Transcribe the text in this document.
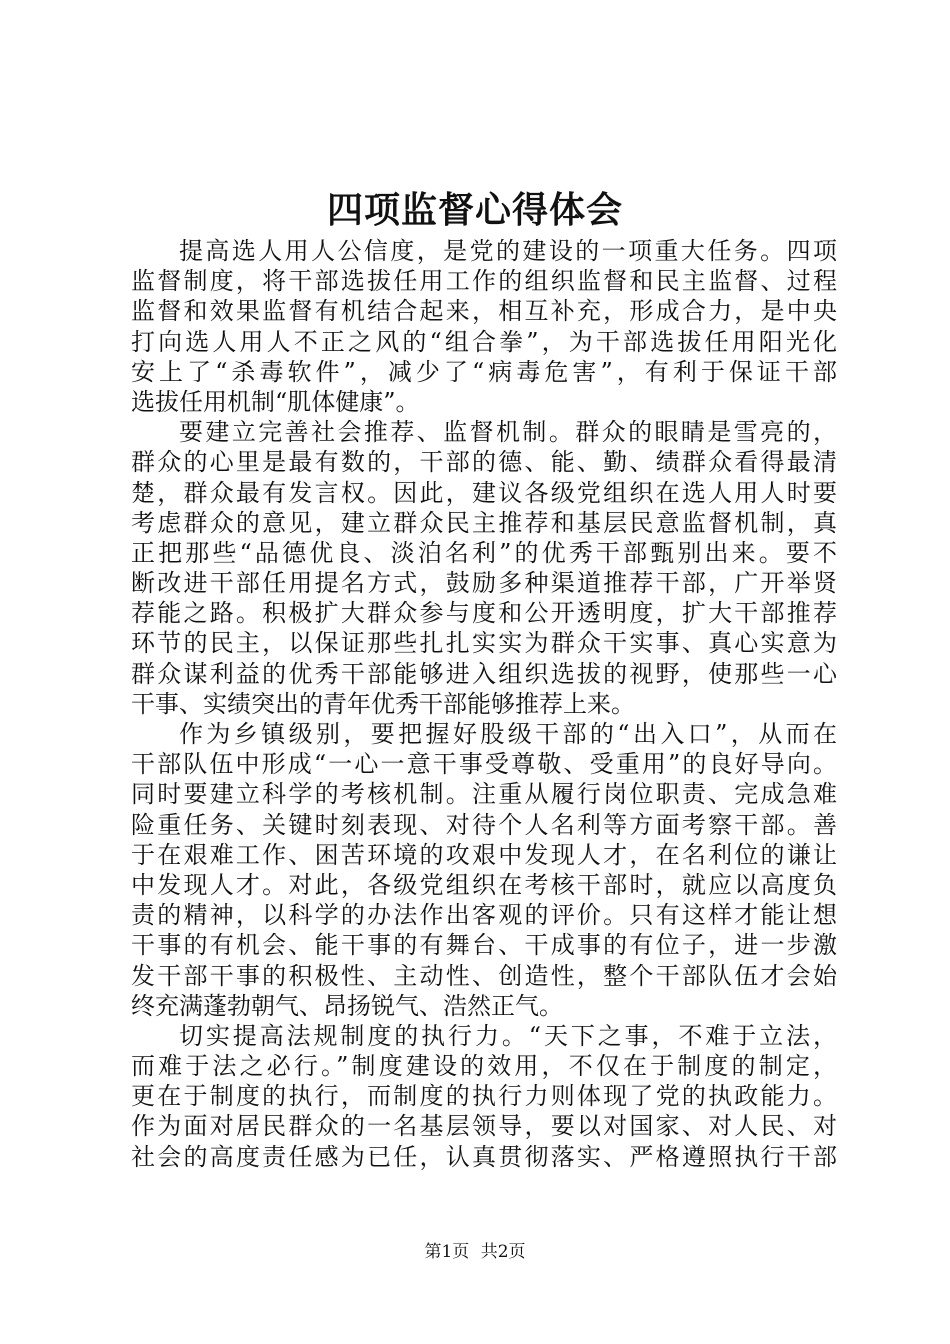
四项监督心得体会
提高选人用人公信度，是党的建设的一项重大任务。四项
监督制度，将干部选拔任用工作的组织监督和民主监督、过程
监督和效果监督有机结合起来，相互补充，形成合力，是中央
打向选人用人不正之风的“组合拳”，为干部选拔任用阳光化
安上了“杀毒软件”，减少了“病毒危害”，有利于保证干部
选拔任用机制“肌体健康”。
要建立完善社会推荐、监督机制。群众的眼睛是雪亮的，
群众的心里是最有数的，干部的德、能、勤、绩群众看得最清
楚，群众最有发言权。因此，建议各级党组织在选人用人时要
考虑群众的意见，建立群众民主推荐和基层民意监督机制，真
正把那些“品德优良、淡泊名利”的优秀干部甄别出来。要不
断改进干部任用提名方式，鼓励多种渠道推荐干部，广开举贤
荐能之路。积极扩大群众参与度和公开透明度，扩大干部推荐
环节的民主，以保证那些扎扎实实为群众干实事、真心实意为
群众谋利益的优秀干部能够进入组织选拔的视野，使那些一心
干事、实绩突出的青年优秀干部能够推荐上来。
作为乡镇级别，要把握好股级干部的“出入口”，从而在
干部队伍中形成“一心一意干事受尊敬、受重用”的良好导向。
同时要建立科学的考核机制。注重从履行岗位职责、完成急难
险重任务、关键时刻表现、对待个人名利等方面考察干部。善
于在艰难工作、困苦环境的攻艰中发现人才，在名利位的谦让
中发现人才。对此，各级党组织在考核干部时，就应以高度负
责的精神，以科学的办法作出客观的评价。只有这样才能让想
干事的有机会、能干事的有舞台、干成事的有位子，进一步激
发干部干事的积极性、主动性、创造性，整个干部队伍才会始
终充满蓬勃朝气、昂扬锐气、浩然正气。
切实提高法规制度的执行力。“天下之事，不难于立法，
而难于法之必行。”制度建设的效用，不仅在于制度的制定，
更在于制度的执行，而制度的执行力则体现了党的执政能力。
作为面对居民群众的一名基层领导，要以对国家、对人民、对
社会的高度责任感为已任，认真贯彻落实、严格遵照执行干部
第1页 共2页
